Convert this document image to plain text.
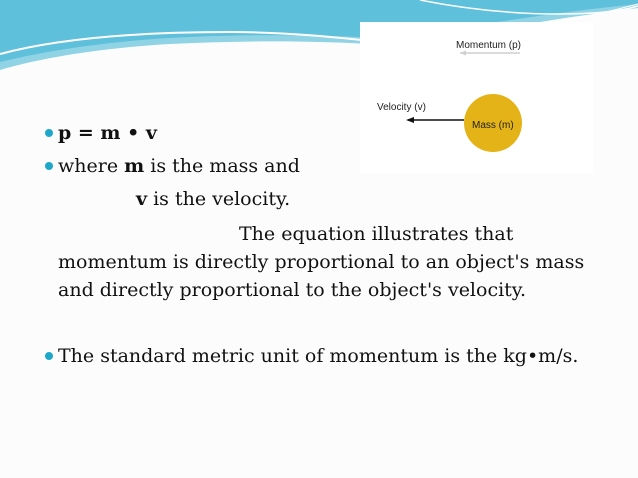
Momentum (p)
Velocity (v)
Mass (m)
p = m • v
where m is the mass and
v is the velocity.
The equation illustrates that
momentum is directly proportional to an object's mass
and directly proportional to the object's velocity.
The standard metric unit of momentum is the kg•m/s.
